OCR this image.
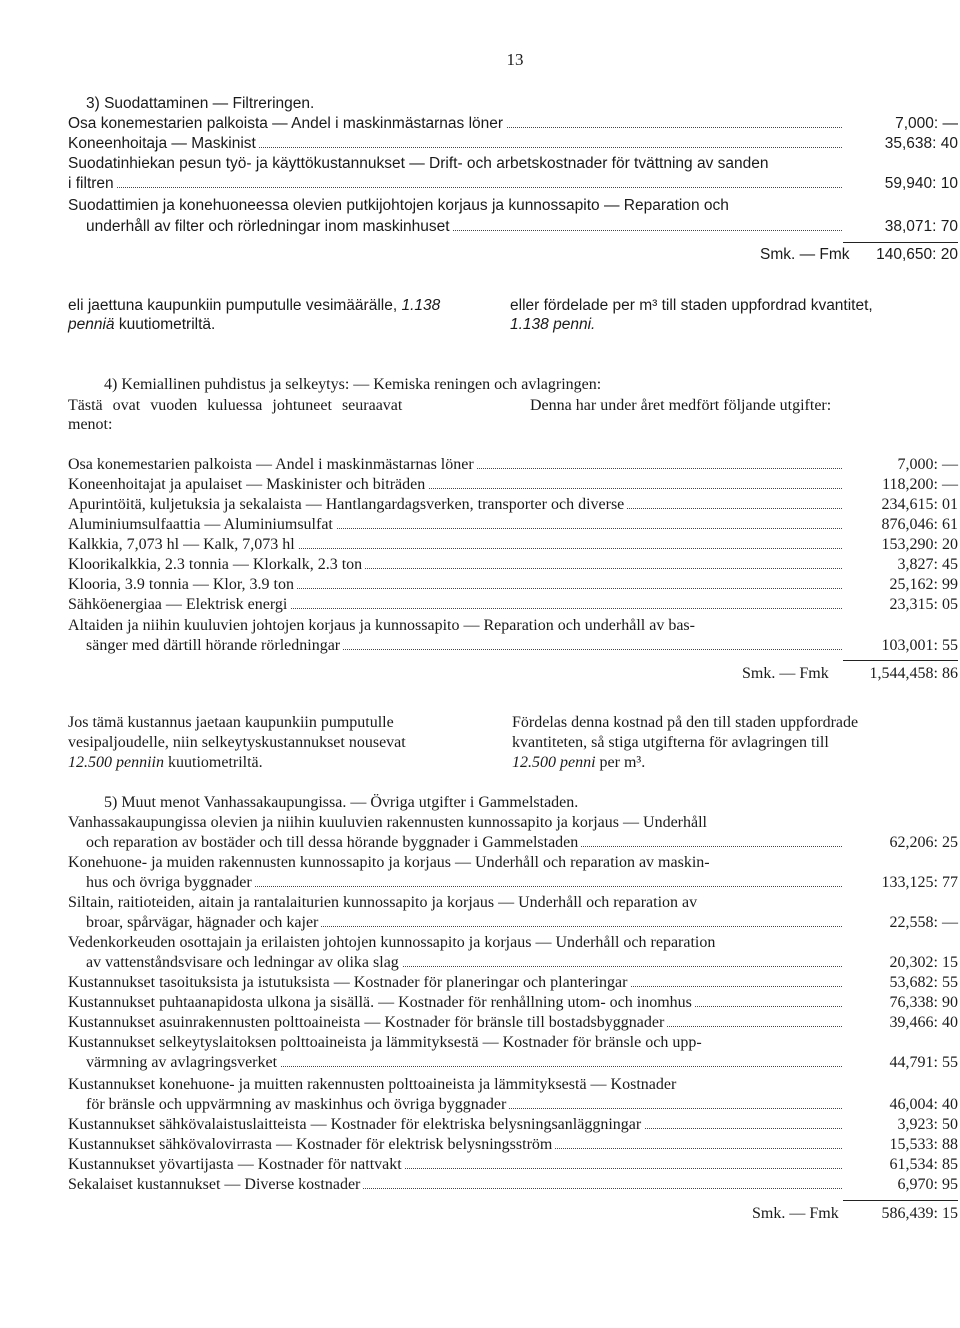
13
3) Suodattaminen — Filtreringen.
Osa konemestarien palkoista — Andel i maskinmästarnas löner	7,000: —
Koneenhoitaja — Maskinist	35,638: 40
Suodatinhiekan pesun työ- ja käyttökustannukset — Drift- och arbetskostnader för tvättning av sanden
i filtren	59,940: 10
Suodattimien ja konehuoneessa olevien putkijohtojen korjaus ja kunnossapito — Reparation och
underhåll av filter och rörledningar inom maskinhuset	38,071: 70
Smk. — Fmk 140,650: 20
eli jaettuna kaupunkiin pumputulle vesimäärälle, 1.138
penniä kuutiometriltä.
eller fördelade per m³ till staden uppfordrad kvantitet,
1.138 penni.
4) Kemiallinen puhdistus ja selkeytys: — Kemiska reningen och avlagringen:
Tästä ovat vuoden kuluessa johtuneet seuraavat
menot:
Denna har under året medfört följande utgifter:
Osa konemestarien palkoista — Andel i maskinmästarnas löner	7,000: —
Koneenhoitajat ja apulaiset — Maskinister och biträden	118,200: —
Apurintöitä, kuljetuksia ja sekalaista — Hantlangardagsverken, transporter och diverse	234,615: 01
Aluminiumsulfaattia — Aluminiumsulfat	876,046: 61
Kalkkia, 7,073 hl — Kalk, 7,073 hl	153,290: 20
Kloorikalkkia, 2.3 tonnia — Klorkalk, 2.3 ton	3,827: 45
Klooria, 3.9 tonnia — Klor, 3.9 ton	25,162: 99
Sähköenergiaa — Elektrisk energi	23,315: 05
Altaiden ja niihin kuuluvien johtojen korjaus ja kunnossapito — Reparation och underhåll av bas-
sänger med därtill hörande rörledningar	103,001: 55
Smk. — Fmk	1,544,458: 86
Jos tämä kustannus jaetaan kaupunkiin pumputulle
vesipaljoudelle, niin selkeytyskustannukset nousevat
12.500 penniin kuutiometriltä.
Fördelas denna kostnad på den till staden uppfordrade
kvantiteten, så stiga utgifterna för avlagringen till
12.500 penni per m³.
5) Muut menot Vanhassakaupungissa. — Övriga utgifter i Gammelstaden.
Vanhassakaupungissa olevien ja niihin kuuluvien rakennusten kunnossapito ja korjaus — Underhåll
och reparation av bostäder och till dessa hörande byggnader i Gammelstaden	62,206: 25
Konehuone- ja muiden rakennusten kunnossapito ja korjaus — Underhåll och reparation av maskin-
hus och övriga byggnader	133,125: 77
Siltain, raitioteiden, aitain ja rantalaiturien kunnossapito ja korjaus — Underhåll och reparation av
broar, spårvägar, hägnader och kajer	22,558: —
Vedenkorkeuden osottajain ja erilaisten johtojen kunnossapito ja korjaus — Underhåll och reparation
av vattenståndsvisare och ledningar av olika slag	20,302: 15
Kustannukset tasoituksista ja istutuksista — Kostnader för planeringar och planteringar	53,682: 55
Kustannukset puhtaanapidosta ulkona ja sisällä. — Kostnader för renhållning utom- och inomhus	76,338: 90
Kustannukset asuinrakennusten polttoaineista — Kostnader för bränsle till bostadsbyggnader	39,466: 40
Kustannukset selkeytyslaitoksen polttoaineista ja lämmityksestä — Kostnader för bränsle och upp-
värmning av avlagringsverket	44,791: 55
Kustannukset konehuone- ja muitten rakennusten polttoaineista ja lämmityksestä — Kostnader
för bränsle och uppvärmning av maskinhus och övriga byggnader	46,004: 40
Kustannukset sähkövalaistuslaitteista — Kostnader för elektriska belysningsanläggningar	3,923: 50
Kustannukset sähkövalovirrasta — Kostnader för elektrisk belysningsström	15,533: 88
Kustannukset yövartijasta — Kostnader för nattvakt	61,534: 85
Sekalaiset kustannukset — Diverse kostnader	6,970: 95
Smk. — Fmk	586,439: 15
